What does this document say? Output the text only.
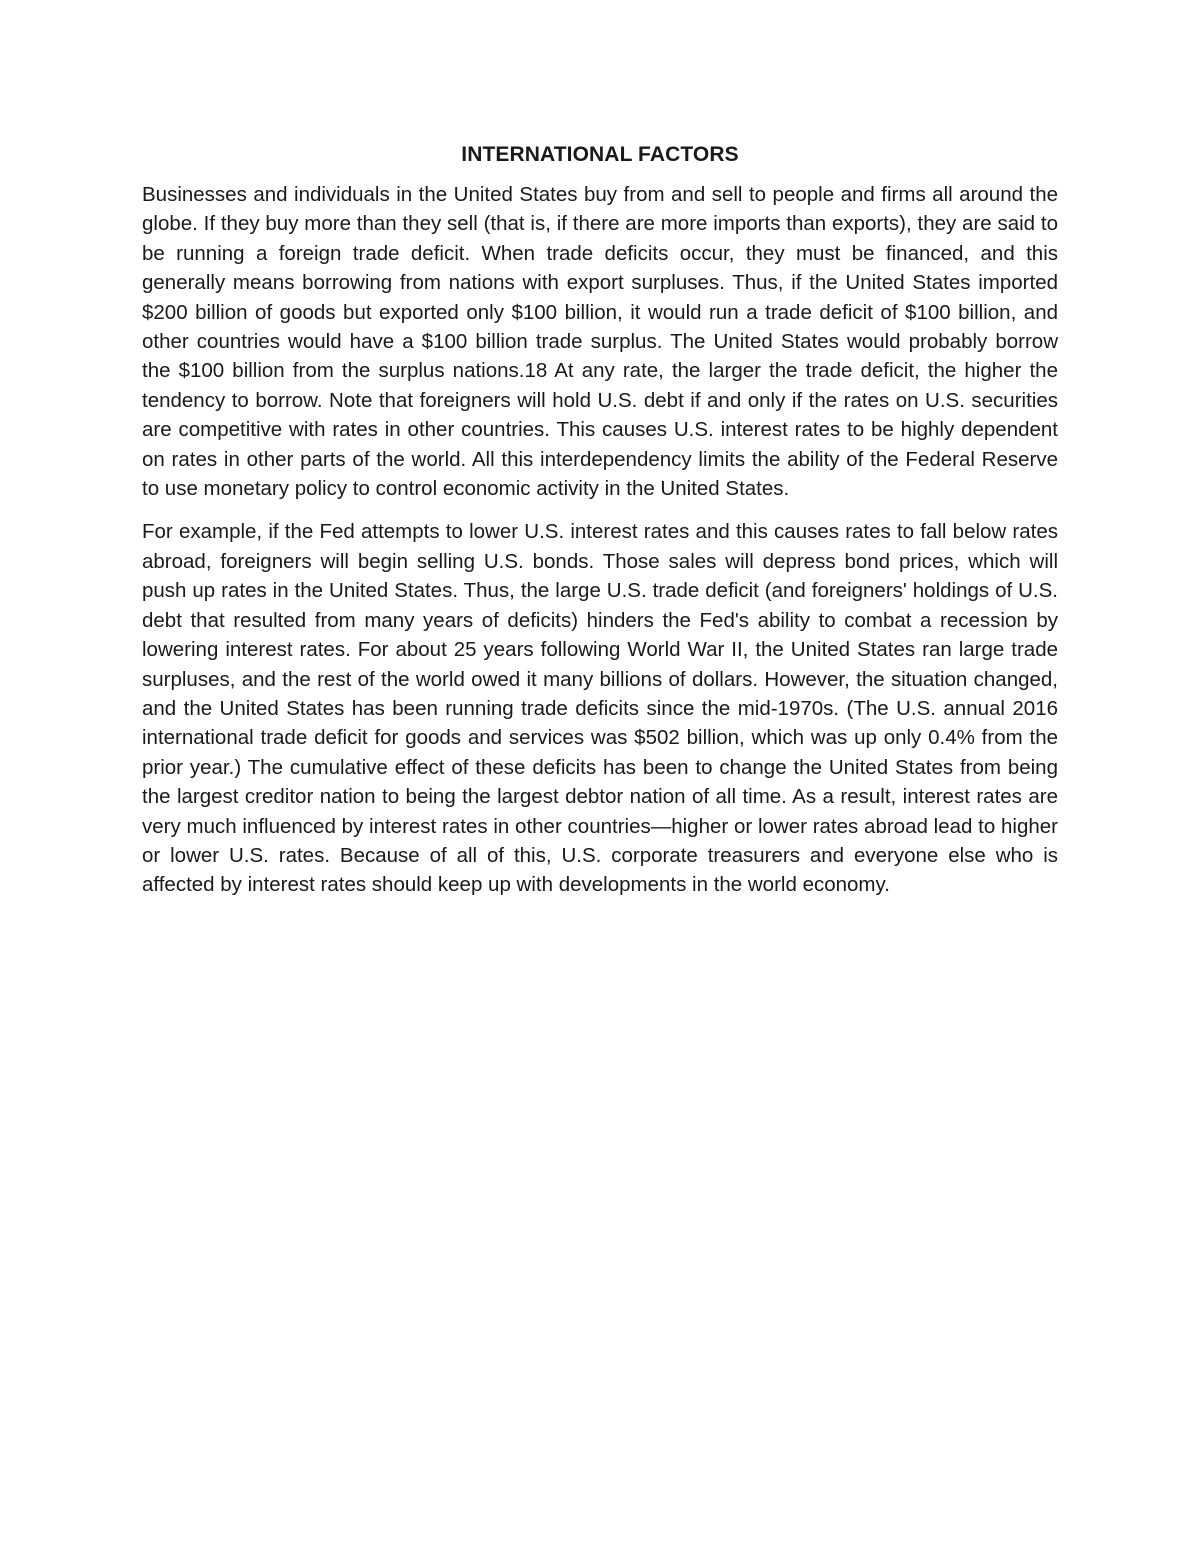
INTERNATIONAL FACTORS

Businesses and individuals in the United States buy from and sell to people and firms all around the globe. If they buy more than they sell (that is, if there are more imports than exports), they are said to be running a foreign trade deficit. When trade deficits occur, they must be financed, and this generally means borrowing from nations with export surpluses. Thus, if the United States imported $200 billion of goods but exported only $100 billion, it would run a trade deficit of $100 billion, and other countries would have a $100 billion trade surplus. The United States would probably borrow the $100 billion from the surplus nations.18 At any rate, the larger the trade deficit, the higher the tendency to borrow. Note that foreigners will hold U.S. debt if and only if the rates on U.S. securities are competitive with rates in other countries. This causes U.S. interest rates to be highly dependent on rates in other parts of the world. All this interdependency limits the ability of the Federal Reserve to use monetary policy to control economic activity in the United States.

For example, if the Fed attempts to lower U.S. interest rates and this causes rates to fall below rates abroad, foreigners will begin selling U.S. bonds. Those sales will depress bond prices, which will push up rates in the United States. Thus, the large U.S. trade deficit (and foreigners' holdings of U.S. debt that resulted from many years of deficits) hinders the Fed's ability to combat a recession by lowering interest rates. For about 25 years following World War II, the United States ran large trade surpluses, and the rest of the world owed it many billions of dollars. However, the situation changed, and the United States has been running trade deficits since the mid-1970s. (The U.S. annual 2016 international trade deficit for goods and services was $502 billion, which was up only 0.4% from the prior year.) The cumulative effect of these deficits has been to change the United States from being the largest creditor nation to being the largest debtor nation of all time. As a result, interest rates are very much influenced by interest rates in other countries—higher or lower rates abroad lead to higher or lower U.S. rates. Because of all of this, U.S. corporate treasurers and everyone else who is affected by interest rates should keep up with developments in the world economy.
